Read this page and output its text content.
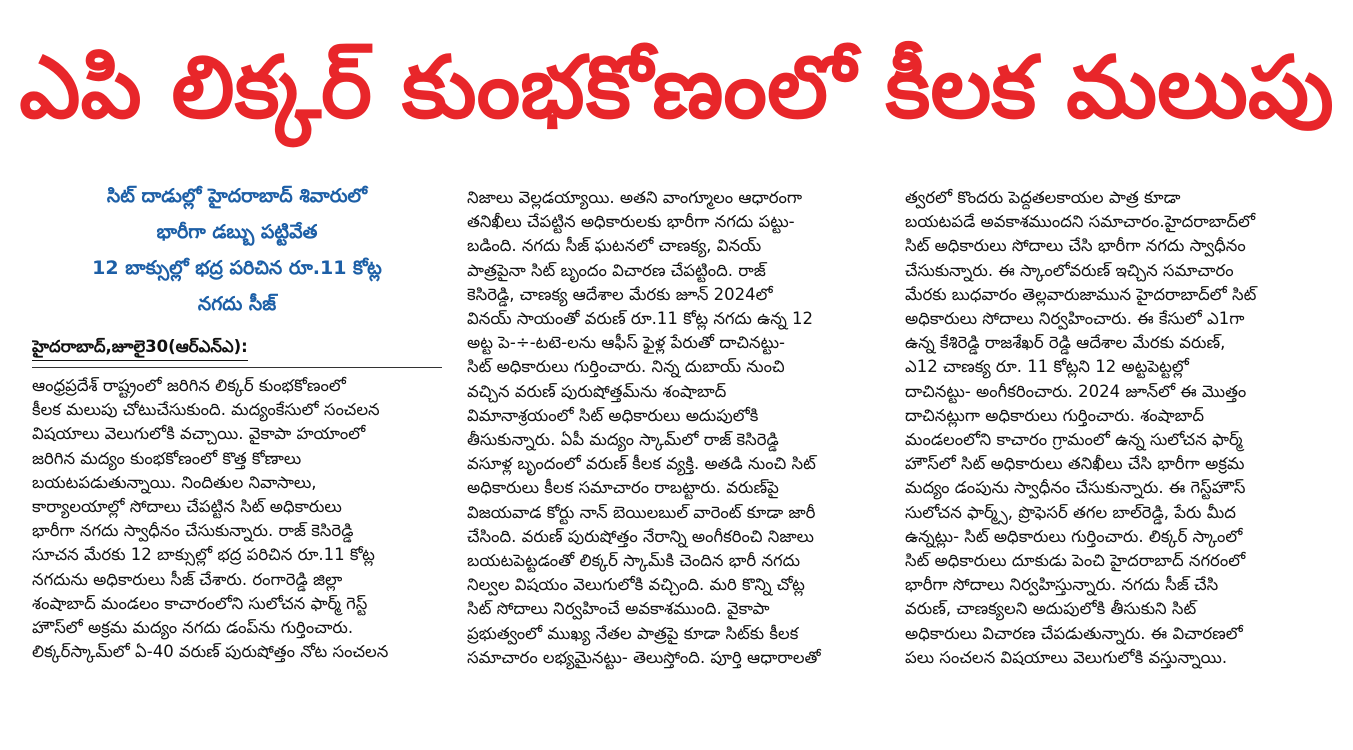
ఎపి లిక్కర్ కుంభకోణంలో కీలక మలుపు
సిట్ దాడుల్లో హైదరాబాద్ శివారులో
భారీగా డబ్బు పట్టివేత
12 బాక్సుల్లో భద్ర పరిచిన రూ.11 కోట్ల
నగదు సీజ్
హైదరాబాద్,జూలై30(ఆర్ఎన్ఎ):
ఆంధ్రప్రదేశ్ రాష్ట్రంలో జరిగిన లిక్కర్ కుంభకోణంలో
కీలక మలుపు చోటుచేసుకుంది. మద్యంకేసులో సంచలన
విషయాలు వెలుగులోకి వచ్చాయి. వైకాపా హయాంలో
జరిగిన మద్యం కుంభకోణంలో కొత్త కోణాలు
బయటపడుతున్నాయి. నిందితుల నివాసాలు,
కార్యాలయాల్లో సోదాలు చేపట్టిన సిట్ అధికారులు
భారీగా నగదు స్వాధీనం చేసుకున్నారు. రాజ్ కెసిరెడ్డి
సూచన మేరకు 12 బాక్సుల్లో భద్ర పరిచిన రూ.11 కోట్ల
నగదును అధికారులు సీజ్ చేశారు. రంగారెడ్డి జిల్లా
శంషాబాద్ మండలం కాచారంలోని సులోచన ఫార్మ్ గెస్ట్
హౌస్‌లో అక్రమ మద్యం నగదు డంప్‌ను గుర్తించారు.
లిక్కర్‌స్కామ్‌లో ఏ-40 వరుణ్ పురుషోత్తం నోట సంచలన
నిజాలు వెల్లడయ్యాయి. అతని వాంగ్మూలం ఆధారంగా
తనిఖీలు చేపట్టిన అధికారులకు భారీగా నగదు పట్టు-
బడింది. నగదు సీజ్ ఘటనలో చాణక్య, వినయ్
పాత్రపైనా సిట్ బృందం విచారణ చేపట్టింది. రాజ్
కెసిరెడ్డి, చాణక్య ఆదేశాల మేరకు జూన్ 2024లో
వినయ్ సాయంతో వరుణ్ రూ.11 కోట్ల నగదు ఉన్న 12
అట్ట పె-÷-టటె-లను ఆఫీస్ ఫైళ్ల పేరుతో దాచినట్టు-
సిట్ అధికారులు గుర్తించారు. నిన్న దుబాయ్ నుంచి
వచ్చిన వరుణ్ పురుషోత్తమ్‌ను శంషాబాద్
విమానాశ్రయంలో సిట్ అధికారులు అదుపులోకి
తీసుకున్నారు. ఏపీ మద్యం స్కామ్‌లో రాజ్ కెసిరెడ్డి
వసూళ్ల బృందంలో వరుణ్ కీలక వ్యక్తి. అతడి నుంచి సిట్
అధికారులు కీలక సమాచారం రాబట్టారు. వరుణ్‌పై
విజయవాడ కోర్టు నాన్ బెయిలబుల్ వారెంట్ కూడా జారీ
చేసింది. వరుణ్ పురుషోత్తం నేరాన్ని అంగీకరించి నిజాలు
బయటపెట్టడంతో లిక్కర్ స్కామ్‌కి చెందిన భారీ నగదు
నిల్వల విషయం వెలుగులోకి వచ్చింది. మరి కొన్ని చోట్ల
సిట్ సోదాలు నిర్వహించే అవకాశముంది. వైకాపా
ప్రభుత్వంలో ముఖ్య నేతల పాత్రపై కూడా సిట్‌కు కీలక
సమాచారం లభ్యమైనట్టు- తెలుస్తోంది. పూర్తి ఆధారాలతో
త్వరలో కొందరు పెద్దతలకాయల పాత్ర కూడా
బయటపడే అవకాశముందని సమాచారం.హైదరాబాద్‌లో
సిట్ అధికారులు సోదాలు చేసి భారీగా నగదు స్వాధీనం
చేసుకున్నారు. ఈ స్కాంలోవరుణ్ ఇచ్చిన సమాచారం
మేరకు బుధవారం తెల్లవారుజామున హైదరాబాద్‌లో సిట్
అధికారులు సోదాలు నిర్వహించారు. ఈ కేసులో ఎ1గా
ఉన్న కేశిరెడ్డి రాజశేఖర్ రెడ్డి ఆదేశాల మేరకు వరుణ్,
ఎ12 చాణక్య రూ. 11 కోట్లని 12 అట్టపెట్టల్లో
దాచినట్టు- అంగీకరించారు. 2024 జూన్‌లో ఈ మొత్తం
దాచినట్లుగా అధికారులు గుర్తించారు. శంషాబాద్
మండలంలోని కాచారం గ్రామంలో ఉన్న సులోచన ఫార్మ్
హౌస్‌లో సిట్ అధికారులు తనిఖీలు చేసి భారీగా అక్రమ
మద్యం డంపును స్వాధీనం చేసుకున్నారు. ఈ గెస్ట్‌హౌస్
సులోచన ఫార్మ్స్, ప్రొఫెసర్ తగల బాల్‌రెడ్డి, పేరు మీద
ఉన్నట్లు- సిట్ అధికారులు గుర్తించారు. లిక్కర్ స్కాంలో
సిట్ అధికారులు దూకుడు పెంచి హైదరాబాద్ నగరంలో
భారీగా సోదాలు నిర్వహిస్తున్నారు. నగదు సీజ్ చేసి
వరుణ్, చాణక్యలని అదుపులోకి తీసుకుని సిట్
అధికారులు విచారణ చేపడుతున్నారు. ఈ విచారణలో
పలు సంచలన విషయాలు వెలుగులోకి వస్తున్నాయి.
